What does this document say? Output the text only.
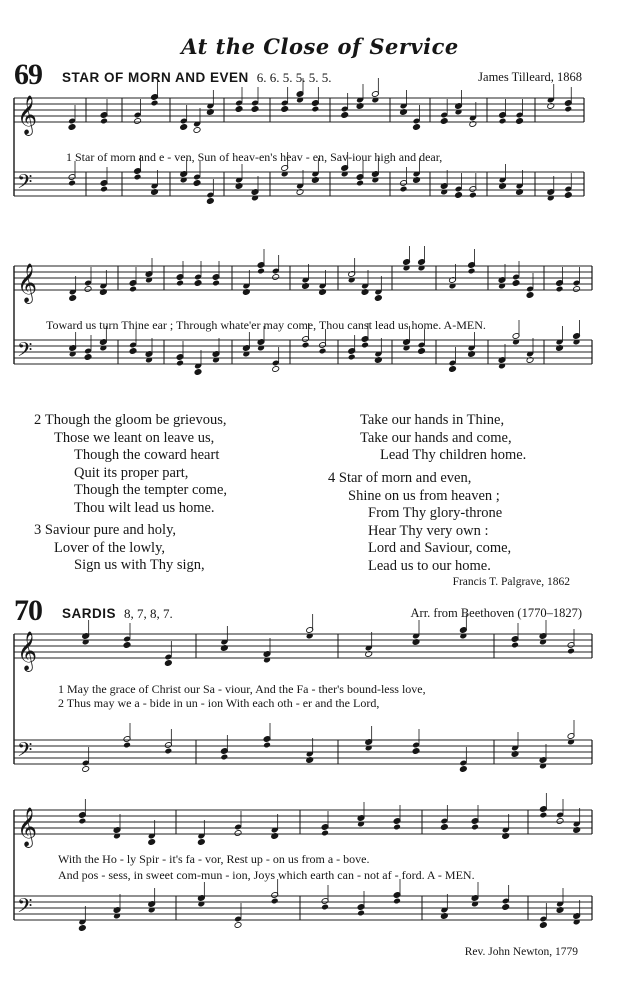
At the Close of Service
69 STAR OF MORN AND EVEN 6. 6. 5. 5. 5. 5.	James Tilleard, 1868
𝄞
𝄢
𝄞
𝄢
𝄞
𝄢
𝄞
𝄢
1 Star of morn and e - ven, Sun of heav-en's heav - en, Sav-iour high and dear,
Toward us turn Thine ear ; Through whate'er may come, Thou canst lead us home. A-MEN.
2 Though the gloom be grievous,
Those we leant on leave us,
Though the coward heart
Quit its proper part,
Though the tempter come,
Thou wilt lead us home.
3 Saviour pure and holy,
Lover of the lowly,
Sign us with Thy sign,
Take our hands in Thine,
Take our hands and come,
Lead Thy children home.
4 Star of morn and even,
Shine on us from heaven ;
From Thy glory-throne
Hear Thy very own :
Lord and Saviour, come,
Lead us to our home.
Francis T. Palgrave, 1862
70 SARDIS 8, 7, 8, 7.	Arr. from Beethoven (1770–1827)
1 May the grace of Christ our Sa - viour, And the Fa - ther's bound-less love,
2 Thus may we a - bide in un - ion With each oth - er and the Lord,
With the Ho - ly Spir - it's fa - vor, Rest up - on us from a - bove.
And pos - sess, in sweet com-mun - ion, Joys which earth can - not af - ford. A - MEN.
Rev. John Newton, 1779
